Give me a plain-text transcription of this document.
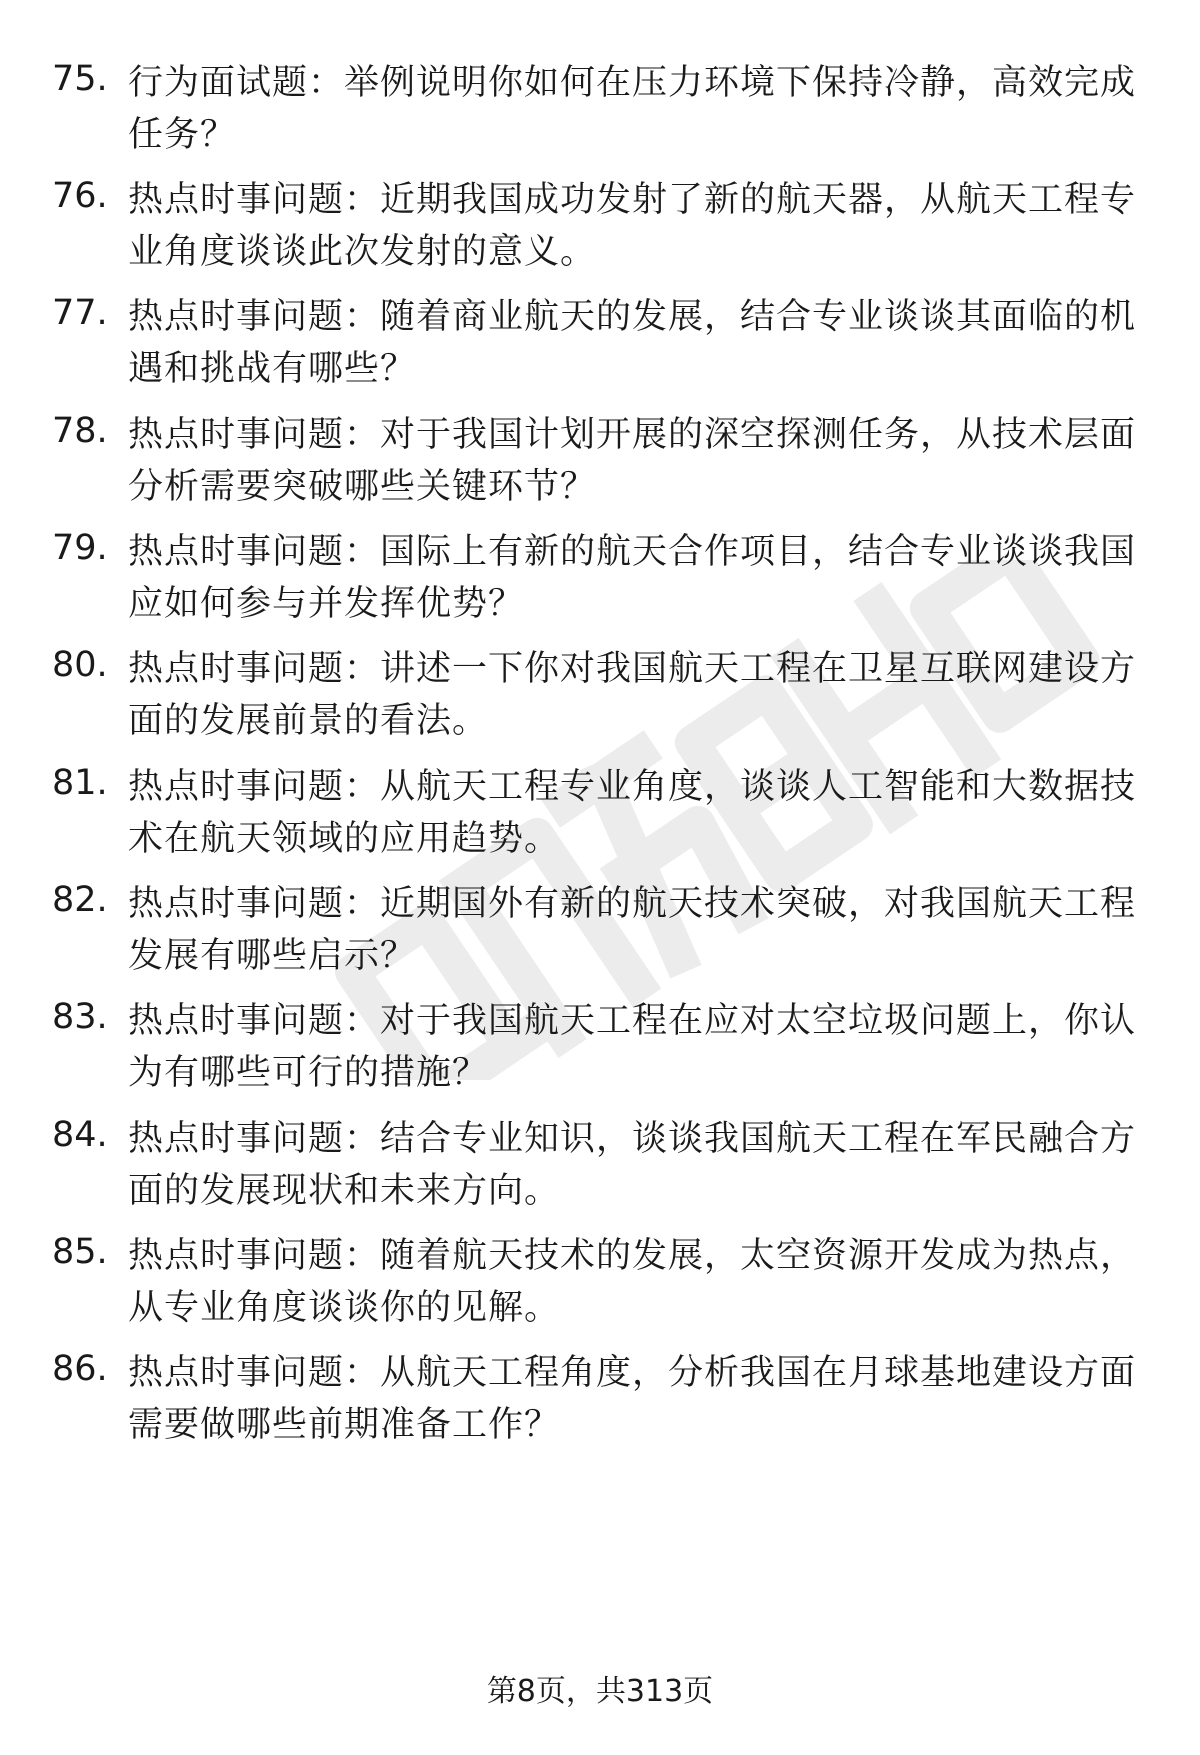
75. 行为面试题：举例说明你如何在压力环境下保持冷静，高效完成任务？
76. 热点时事问题：近期我国成功发射了新的航天器，从航天工程专业角度谈谈此次发射的意义。
77. 热点时事问题：随着商业航天的发展，结合专业谈谈其面临的机遇和挑战有哪些？
78. 热点时事问题：对于我国计划开展的深空探测任务，从技术层面分析需要突破哪些关键环节？
79. 热点时事问题：国际上有新的航天合作项目，结合专业谈谈我国应如何参与并发挥优势？
80. 热点时事问题：讲述一下你对我国航天工程在卫星互联网建设方面的发展前景的看法。
81. 热点时事问题：从航天工程专业角度，谈谈人工智能和大数据技术在航天领域的应用趋势。
82. 热点时事问题：近期国外有新的航天技术突破，对我国航天工程发展有哪些启示？
83. 热点时事问题：对于我国航天工程在应对太空垃圾问题上，你认为有哪些可行的措施？
84. 热点时事问题：结合专业知识，谈谈我国航天工程在军民融合方面的发展现状和未来方向。
85. 热点时事问题：随着航天技术的发展，太空资源开发成为热点，从专业角度谈谈你的见解。
86. 热点时事问题：从航天工程角度，分析我国在月球基地建设方面需要做哪些前期准备工作？
第8页，共313页
